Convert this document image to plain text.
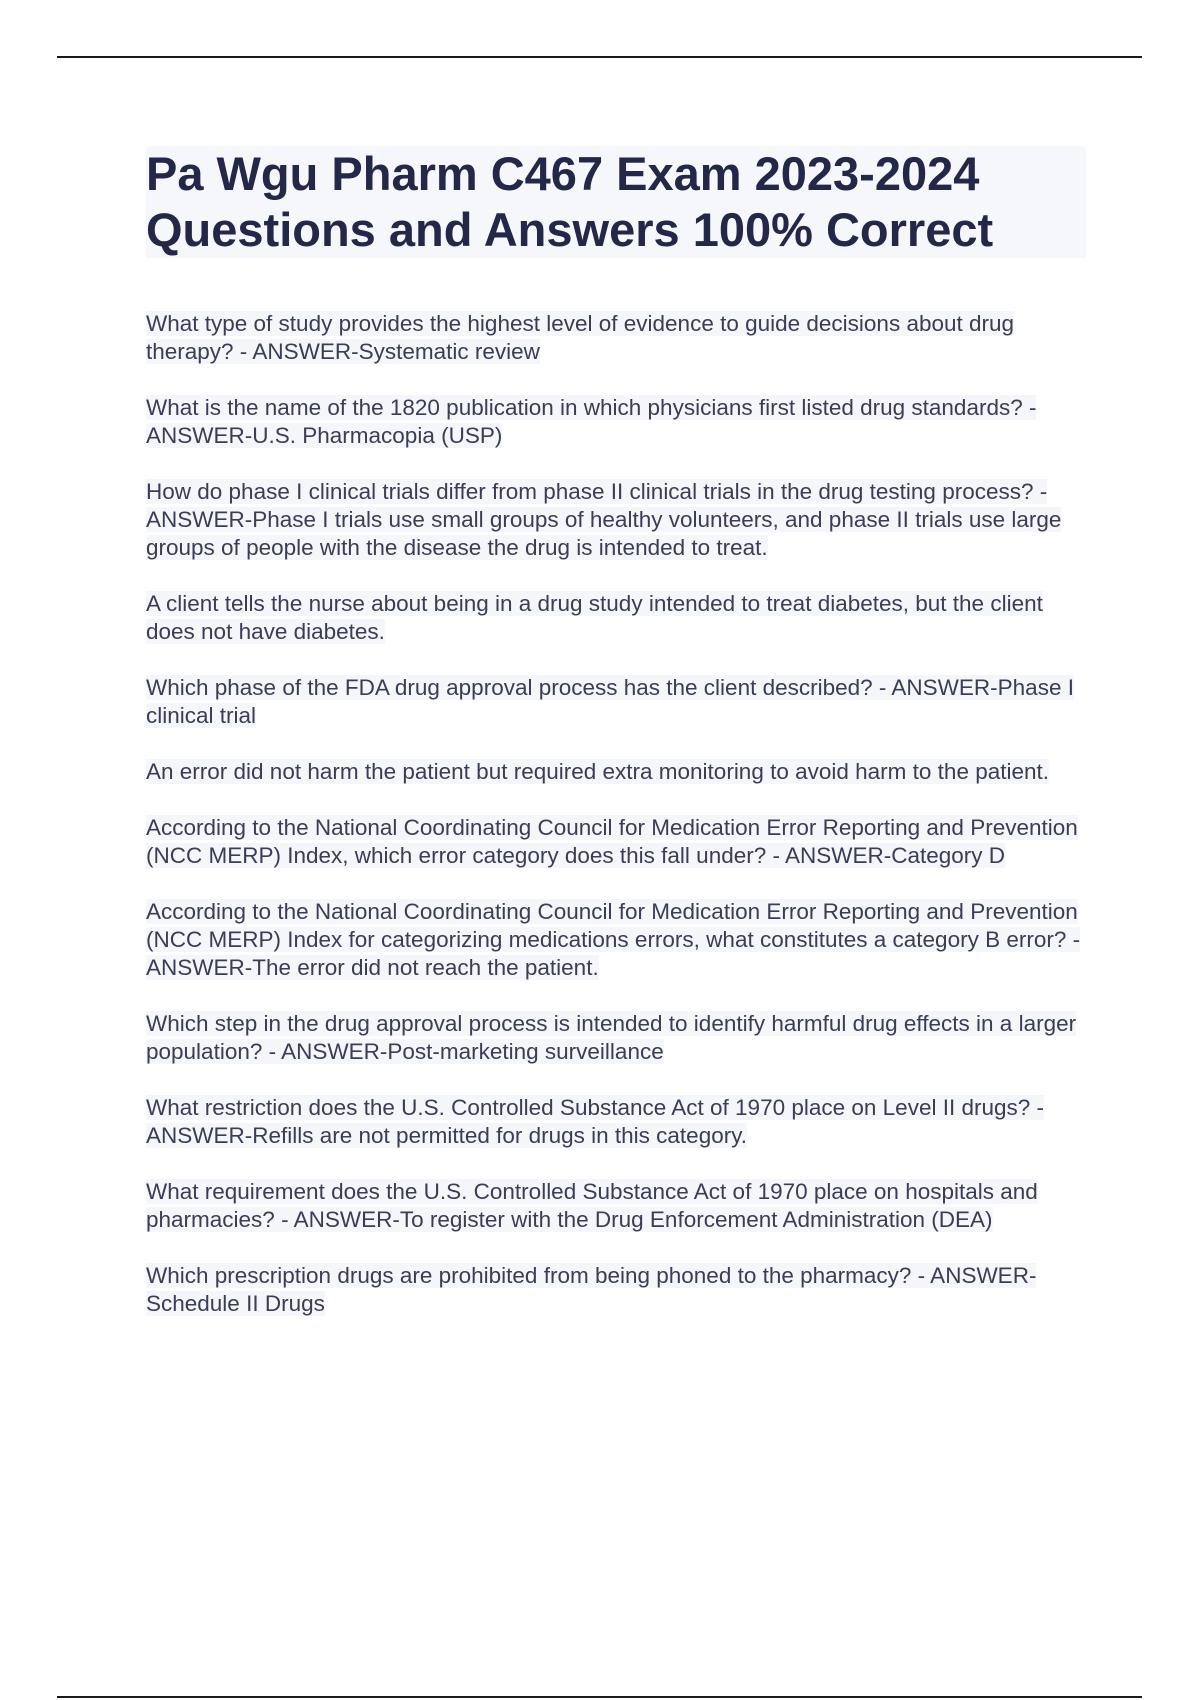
Pa Wgu Pharm C467 Exam 2023-2024 Questions and Answers 100% Correct

What type of study provides the highest level of evidence to guide decisions about drug therapy? - ANSWER-Systematic review

What is the name of the 1820 publication in which physicians first listed drug standards? - ANSWER-U.S. Pharmacopia (USP)

How do phase I clinical trials differ from phase II clinical trials in the drug testing process? - ANSWER-Phase I trials use small groups of healthy volunteers, and phase II trials use large groups of people with the disease the drug is intended to treat.

A client tells the nurse about being in a drug study intended to treat diabetes, but the client does not have diabetes.

Which phase of the FDA drug approval process has the client described? - ANSWER-Phase I clinical trial

An error did not harm the patient but required extra monitoring to avoid harm to the patient.

According to the National Coordinating Council for Medication Error Reporting and Prevention (NCC MERP) Index, which error category does this fall under? - ANSWER-Category D

According to the National Coordinating Council for Medication Error Reporting and Prevention (NCC MERP) Index for categorizing medications errors, what constitutes a category B error? - ANSWER-The error did not reach the patient.

Which step in the drug approval process is intended to identify harmful drug effects in a larger population? - ANSWER-Post-marketing surveillance

What restriction does the U.S. Controlled Substance Act of 1970 place on Level II drugs? - ANSWER-Refills are not permitted for drugs in this category.

What requirement does the U.S. Controlled Substance Act of 1970 place on hospitals and pharmacies? - ANSWER-To register with the Drug Enforcement Administration (DEA)

Which prescription drugs are prohibited from being phoned to the pharmacy? - ANSWER-Schedule II Drugs
